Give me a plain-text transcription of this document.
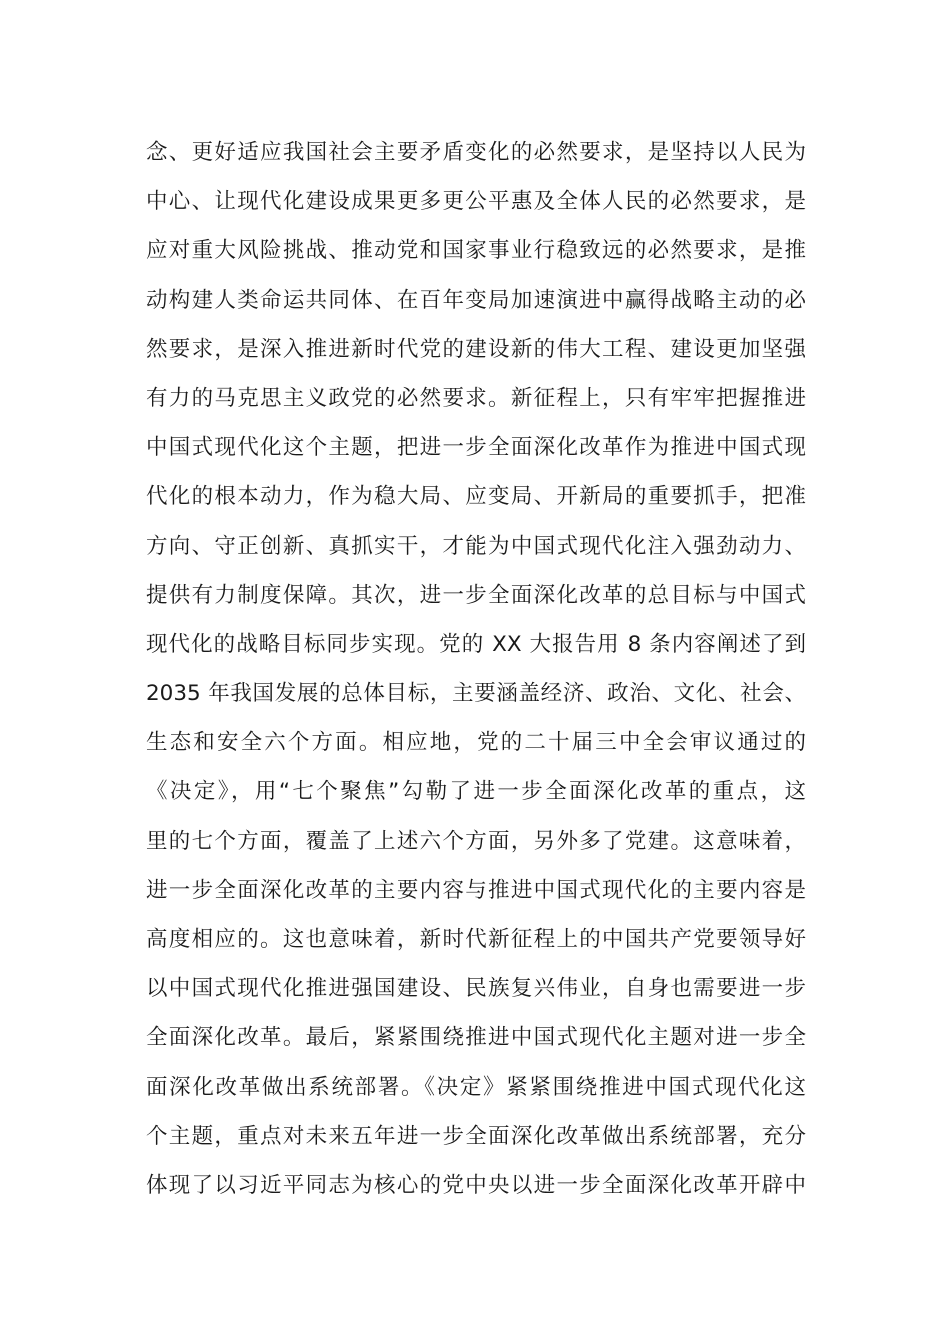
念、更好适应我国社会主要矛盾变化的必然要求，是坚持以人民为
中心、让现代化建设成果更多更公平惠及全体人民的必然要求，是
应对重大风险挑战、推动党和国家事业行稳致远的必然要求，是推
动构建人类命运共同体、在百年变局加速演进中赢得战略主动的必
然要求，是深入推进新时代党的建设新的伟大工程、建设更加坚强
有力的马克思主义政党的必然要求。新征程上，只有牢牢把握推进
中国式现代化这个主题，把进一步全面深化改革作为推进中国式现
代化的根本动力，作为稳大局、应变局、开新局的重要抓手，把准
方向、守正创新、真抓实干，才能为中国式现代化注入强劲动力、
提供有力制度保障。其次，进一步全面深化改革的总目标与中国式
现代化的战略目标同步实现。党的 XX 大报告用 8 条内容阐述了到
2035 年我国发展的总体目标，主要涵盖经济、政治、文化、社会、
生态和安全六个方面。相应地，党的二十届三中全会审议通过的
《决定》，用“七个聚焦”勾勒了进一步全面深化改革的重点，这
里的七个方面，覆盖了上述六个方面，另外多了党建。这意味着，
进一步全面深化改革的主要内容与推进中国式现代化的主要内容是
高度相应的。这也意味着，新时代新征程上的中国共产党要领导好
以中国式现代化推进强国建设、民族复兴伟业，自身也需要进一步
全面深化改革。最后，紧紧围绕推进中国式现代化主题对进一步全
面深化改革做出系统部署。《决定》紧紧围绕推进中国式现代化这
个主题，重点对未来五年进一步全面深化改革做出系统部署，充分
体现了以习近平同志为核心的党中央以进一步全面深化改革开辟中
